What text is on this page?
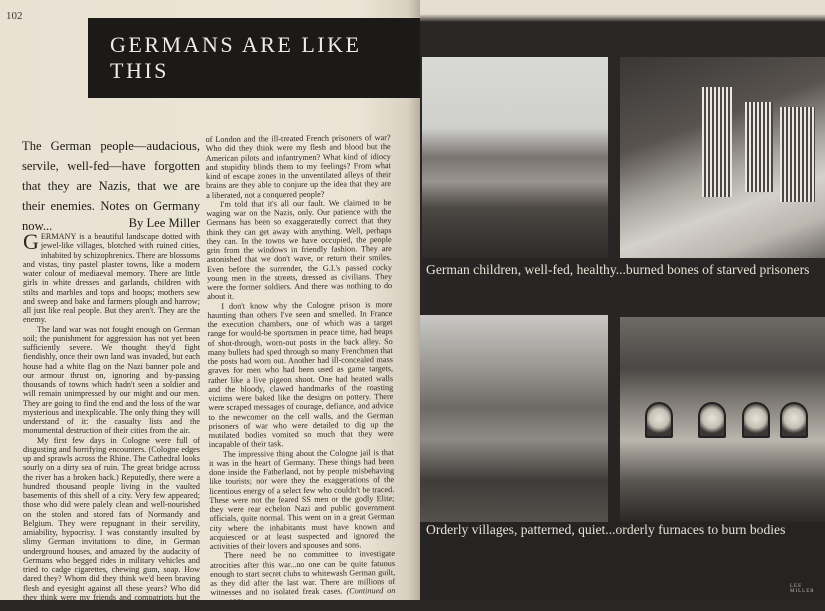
102
GERMANS ARE LIKE THIS
The German people—audacious, servile, well-fed—have forgotten that they are Nazis, that we are their enemies. Notes on Germany now...	By Lee Miller

GERMANY is a beautiful landscape dotted with jewel-like villages, blotched with ruined cities, inhabited by schizophrenics. There are blossoms and vistas, tiny pastel plaster towns, like a modern water colour of mediaeval memory. There are little girls in white dresses and garlands, children with stilts and marbles and tops and hoops; mothers sew and sweep and bake and farmers plough and harrow; all just like real people. But they aren't. They are the enemy.

The land war was not fought enough on German soil; the punishment for aggression has not yet been sufficiently severe. We thought they'd fight fiendishly, once their own land was invaded, but each house had a white flag on the Nazi banner pole and our armour thrust on, ignoring and by-passing thousands of towns which hadn't seen a soldier and will remain unimpressed by our might and our men. They are going to find the end and the loss of the war mysterious and inexplicable. The only thing they will understand of it: the casualty lists and the monumental destruction of their cities from the air.

My first few days in Cologne were full of disgusting and horrifying encounters. (Cologne edges up and sprawls across the Rhine. The Cathedral looks sourly on a dirty sea of ruin. The great bridge across the river has a broken back.) Reputedly, there were a hundred thousand people living in the vaulted basements of this shell of a city. Very few appeared; those who did were palely clean and well-nourished on the stolen and stored fats of Normandy and Belgium. They were repugnant in their servility, amiability, hypocrisy. I was constantly insulted by slimy German invitations to dine, in German underground houses, and amazed by the audacity of Germans who begged rides in military vehicles and tried to cadge cigarettes, chewing gum, soap. How dared they? Whom did they think we'd been braving flesh and eyesight against all these years? Who did they think were my friends and compatriots but the blitzed citizens

of London and the ill-treated French prisoners of war? Who did they think were my flesh and blood but the American pilots and infantrymen? What kind of idiocy and stupidity blinds them to my feelings? From what kind of escape zones in the unventilated alleys of their brains are they able to conjure up the idea that they are a liberated, not a conquered people?

I'm told that it's all our fault. We claimed to be waging war on the Nazis, only. Our patience with the Germans has been so exaggeratedly correct that they think they can get away with anything. Well, perhaps they can. In the towns we have occupied, the people grin from the windows in friendly fashion. They are astonished that we don't wave, or return their smiles. Even before the surrender, the G.I.'s passed cocky young men in the streets, dressed as civilians. They were the former soldiers. And there was nothing to do about it.

I don't know why the Cologne prison is more haunting than others I've seen and smelled. In France the execution chambers, one of which was a target range for would-be sportsmen in peace time, had heaps of shot-through, worn-out posts in the back alley. So many bullets had sped through so many Frenchmen that the posts had worn out. Another had ill-concealed mass graves for men who had been used as game targets, rather like a live pigeon shoot. One had heated walls and the bloody, clawed handmarks of the roasting victims were baked like the designs on pottery. There were scraped messages of courage, defiance, and advice to the newcomer on the cell walls, and the German prisoners of war who were detailed to dig up the mutilated bodies vomited so much that they were incapable of their task.

The impressive thing about the Cologne jail is that it was in the heart of Germany. These things had been done inside the Fatherland, not by people misbehaving like tourists; nor were they the exaggerations of the licentious energy of a select few who couldn't be traced. These were not the feared SS men or the godly Elite; they were rear echelon Nazi and public government officials, quite normal. This went on in a great German city where the inhabitants must have known and acquiesced or at least suspected and ignored the activities of their lovers and spouses and sons.

There need be no committee to investigate atrocities after this war...no one can be quite fatuous enough to start secret clubs to whitewash German guilt, as they did after the last war. There are millions of witnesses and no isolated freak cases. (Continued on page 192)

German children, well-fed, healthy...burned bones of starved prisoners
Orderly villages, patterned, quiet...orderly furnaces to burn bodies
LEE MILLER
